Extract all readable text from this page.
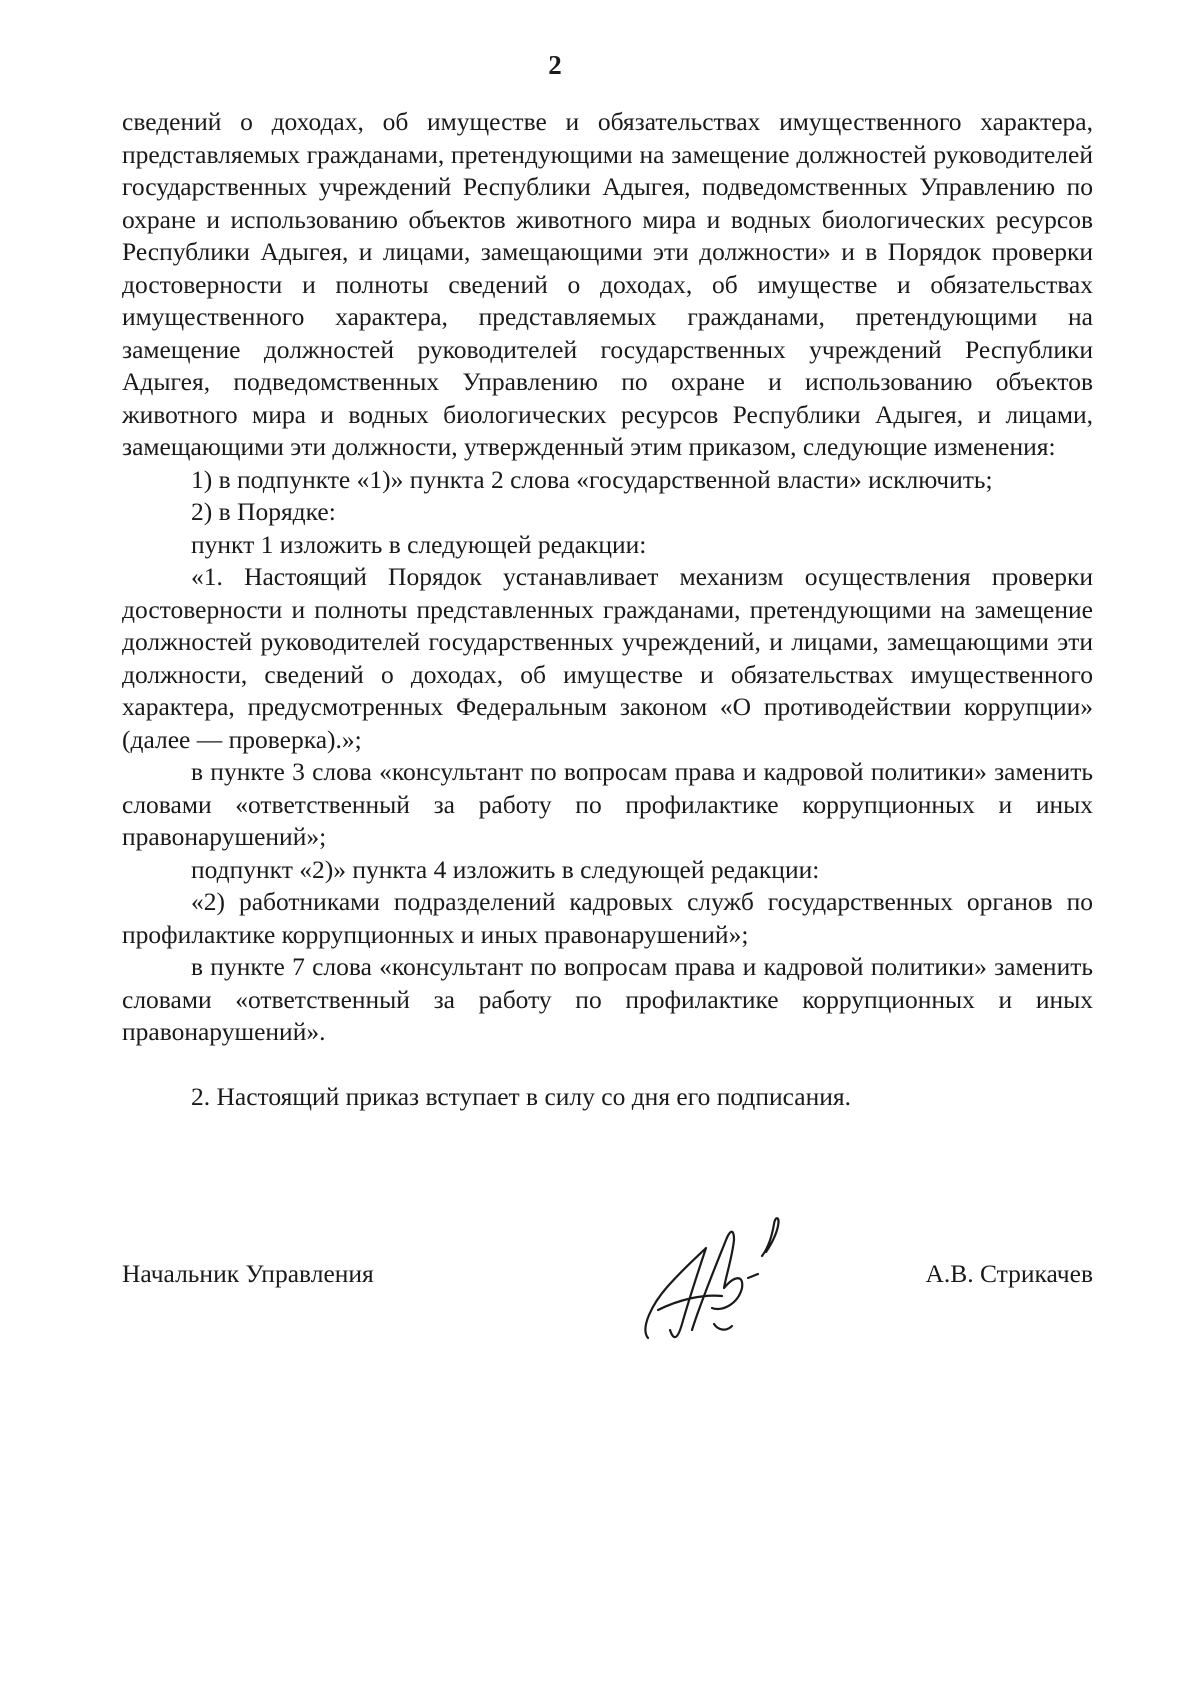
2

сведений о доходах, об имуществе и обязательствах имущественного характера, представляемых гражданами, претендующими на замещение должностей руководителей государственных учреждений Республики Адыгея, подведомственных Управлению по охране и использованию объектов животного мира и водных биологических ресурсов Республики Адыгея, и лицами, замещающими эти должности» и в Порядок проверки достоверности и полноты сведений о доходах, об имуществе и обязательствах имущественного характера, представляемых гражданами, претендующими на замещение должностей руководителей государственных учреждений Республики Адыгея, подведомственных Управлению по охране и использованию объектов животного мира и водных биологических ресурсов Республики Адыгея, и лицами, замещающими эти должности, утвержденный этим приказом, следующие изменения:

1) в подпункте «1)» пункта 2 слова «государственной власти» исключить;

2) в Порядке:

пункт 1 изложить в следующей редакции:

«1. Настоящий Порядок устанавливает механизм осуществления проверки достоверности и полноты представленных гражданами, претендующими на замещение должностей руководителей государственных учреждений, и лицами, замещающими эти должности, сведений о доходах, об имуществе и обязательствах имущественного характера, предусмотренных Федеральным законом «О противодействии коррупции» (далее — проверка).»;

в пункте 3 слова «консультант по вопросам права и кадровой политики» заменить словами «ответственный за работу по профилактике коррупционных и иных правонарушений»;

подпункт «2)» пункта 4 изложить в следующей редакции:

«2) работниками подразделений кадровых служб государственных органов по профилактике коррупционных и иных правонарушений»;

в пункте 7 слова «консультант по вопросам права и кадровой политики» заменить словами «ответственный за работу по профилактике коррупционных и иных правонарушений».

2. Настоящий приказ вступает в силу со дня его подписания.

Начальник Управления	А.В. Стрикачев
